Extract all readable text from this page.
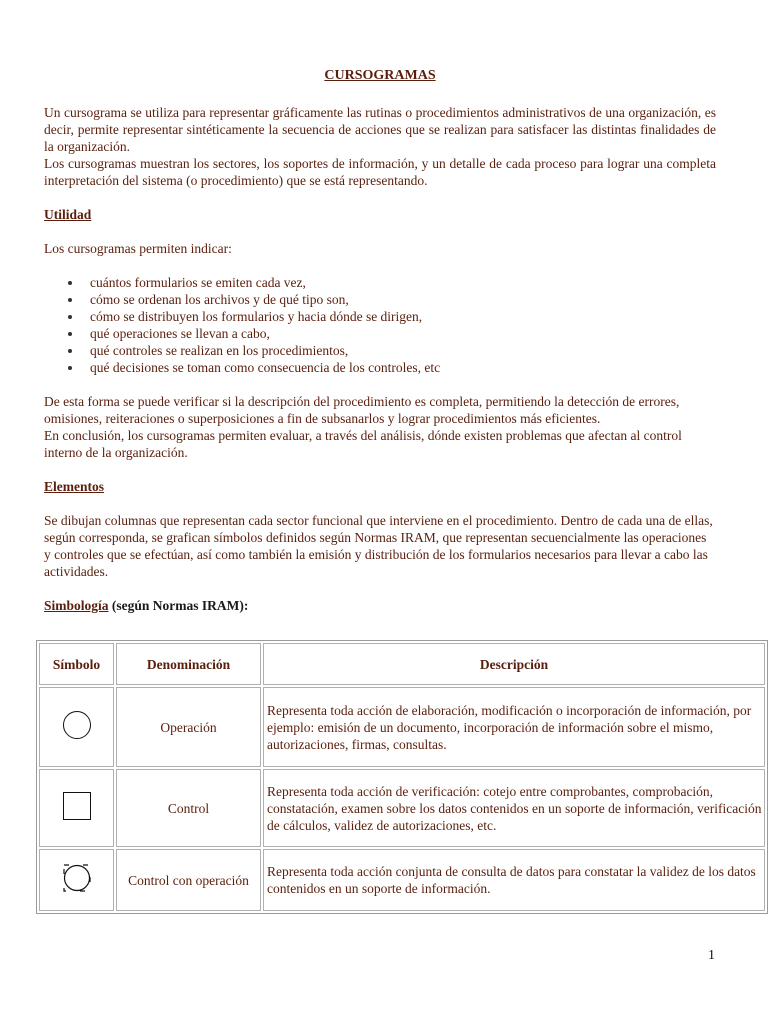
CURSOGRAMAS

Un cursograma se utiliza para representar gráficamente las rutinas o procedimientos administrativos de una organización, es decir, permite representar sintéticamente la secuencia de acciones que se realizan para satisfacer las distintas finalidades de la organización.

Los cursogramas muestran los sectores, los soportes de información, y un detalle de cada proceso para lograr una completa interpretación del sistema (o procedimiento) que se está representando.

Utilidad

Los cursogramas permiten indicar:

cuántos formularios se emiten cada vez,
cómo se ordenan los archivos y de qué tipo son,
cómo se distribuyen los formularios y hacia dónde se dirigen,
qué operaciones se llevan a cabo,
qué controles se realizan en los procedimientos,
qué decisiones se toman como consecuencia de los controles, etc

De esta forma se puede verificar si la descripción del procedimiento es completa, permitiendo la detección de errores, omisiones, reiteraciones o superposiciones a fin de subsanarlos y lograr procedimientos más eficientes.

En conclusión, los cursogramas permiten evaluar, a través del análisis, dónde existen problemas que afectan al control interno de la organización.

Elementos

Se dibujan columnas que representan cada sector funcional que interviene en el procedimiento. Dentro de cada una de ellas, según corresponda, se grafican símbolos definidos según Normas IRAM, que representan secuencialmente las operaciones y controles que se efectúan, así como también la emisión y distribución de los formularios necesarios para llevar a cabo las actividades.

Simbología (según Normas IRAM):
Símbolo	Denominación	Descripción
	Operación	Representa toda acción de elaboración, modificación o incorporación de información, por ejemplo: emisión de un documento, incorporación de información sobre el mismo, autorizaciones, firmas, consultas.
	Control	Representa toda acción de verificación: cotejo entre comprobantes, comprobación, constatación, examen sobre los datos contenidos en un soporte de información, verificación de cálculos, validez de autorizaciones, etc.
	Control con operación	Representa toda acción conjunta de consulta de datos para constatar la validez de los datos contenidos en un soporte de información.
1
